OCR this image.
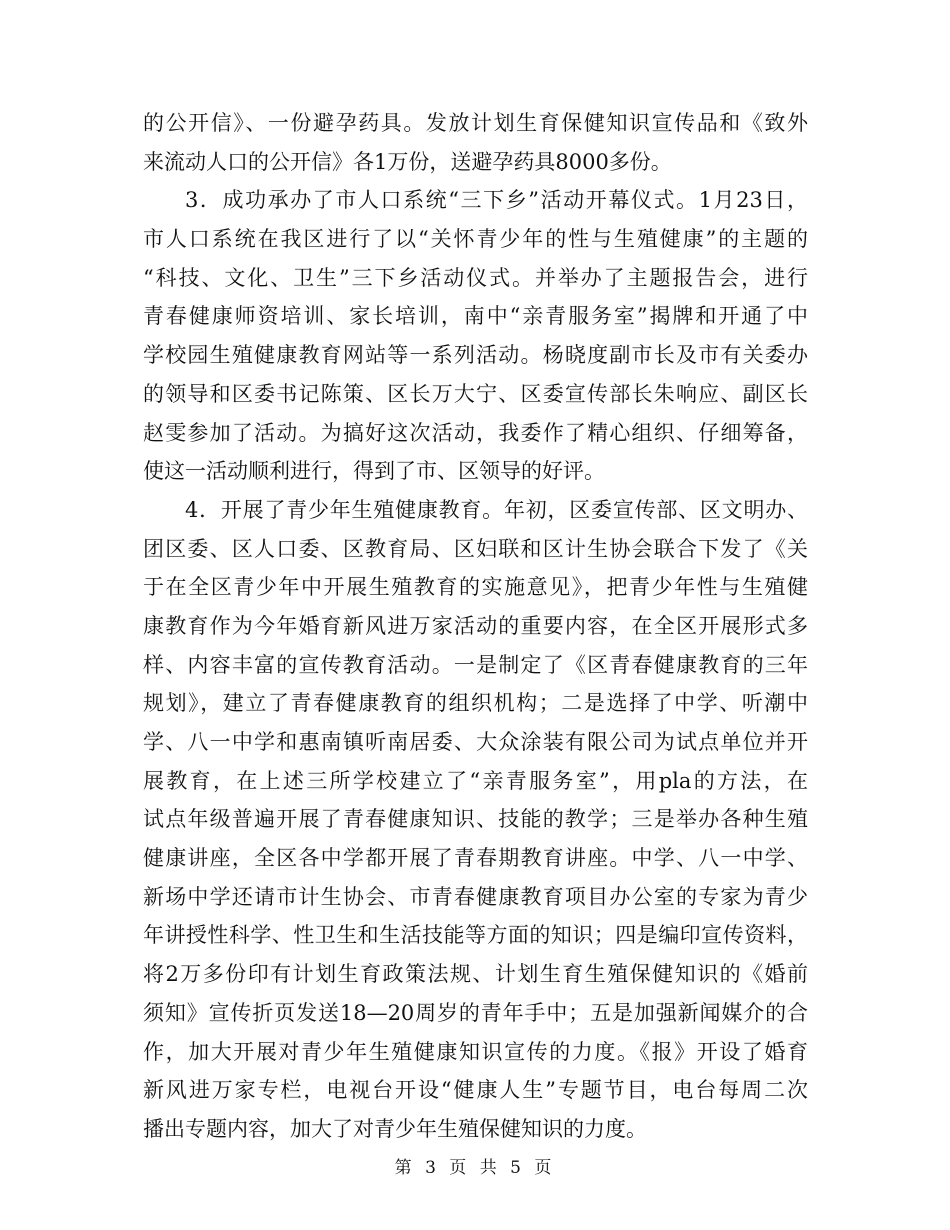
的公开信》、一份避孕药具。发放计划生育保健知识宣传品和《致外
来流动人口的公开信》各1万份，送避孕药具8000多份。
3．成功承办了市人口系统“三下乡”活动开幕仪式。1月23日，
市人口系统在我区进行了以“关怀青少年的性与生殖健康”的主题的
“科技、文化、卫生”三下乡活动仪式。并举办了主题报告会，进行
青春健康师资培训、家长培训，南中“亲青服务室”揭牌和开通了中
学校园生殖健康教育网站等一系列活动。杨晓度副市长及市有关委办
的领导和区委书记陈策、区长万大宁、区委宣传部长朱响应、副区长
赵雯参加了活动。为搞好这次活动，我委作了精心组织、仔细筹备，
使这一活动顺利进行，得到了市、区领导的好评。
4．开展了青少年生殖健康教育。年初，区委宣传部、区文明办、
团区委、区人口委、区教育局、区妇联和区计生协会联合下发了《关
于在全区青少年中开展生殖教育的实施意见》，把青少年性与生殖健
康教育作为今年婚育新风进万家活动的重要内容，在全区开展形式多
样、内容丰富的宣传教育活动。一是制定了《区青春健康教育的三年
规划》，建立了青春健康教育的组织机构；二是选择了中学、听潮中
学、八一中学和惠南镇听南居委、大众涂装有限公司为试点单位并开
展教育，在上述三所学校建立了“亲青服务室”，用pla的方法，在
试点年级普遍开展了青春健康知识、技能的教学；三是举办各种生殖
健康讲座，全区各中学都开展了青春期教育讲座。中学、八一中学、
新场中学还请市计生协会、市青春健康教育项目办公室的专家为青少
年讲授性科学、性卫生和生活技能等方面的知识；四是编印宣传资料，
将2万多份印有计划生育政策法规、计划生育生殖保健知识的《婚前
须知》宣传折页发送18—20周岁的青年手中；五是加强新闻媒介的合
作，加大开展对青少年生殖健康知识宣传的力度。《报》开设了婚育
新风进万家专栏，电视台开设“健康人生”专题节目，电台每周二次
播出专题内容，加大了对青少年生殖保健知识的力度。
第 3 页 共 5 页
